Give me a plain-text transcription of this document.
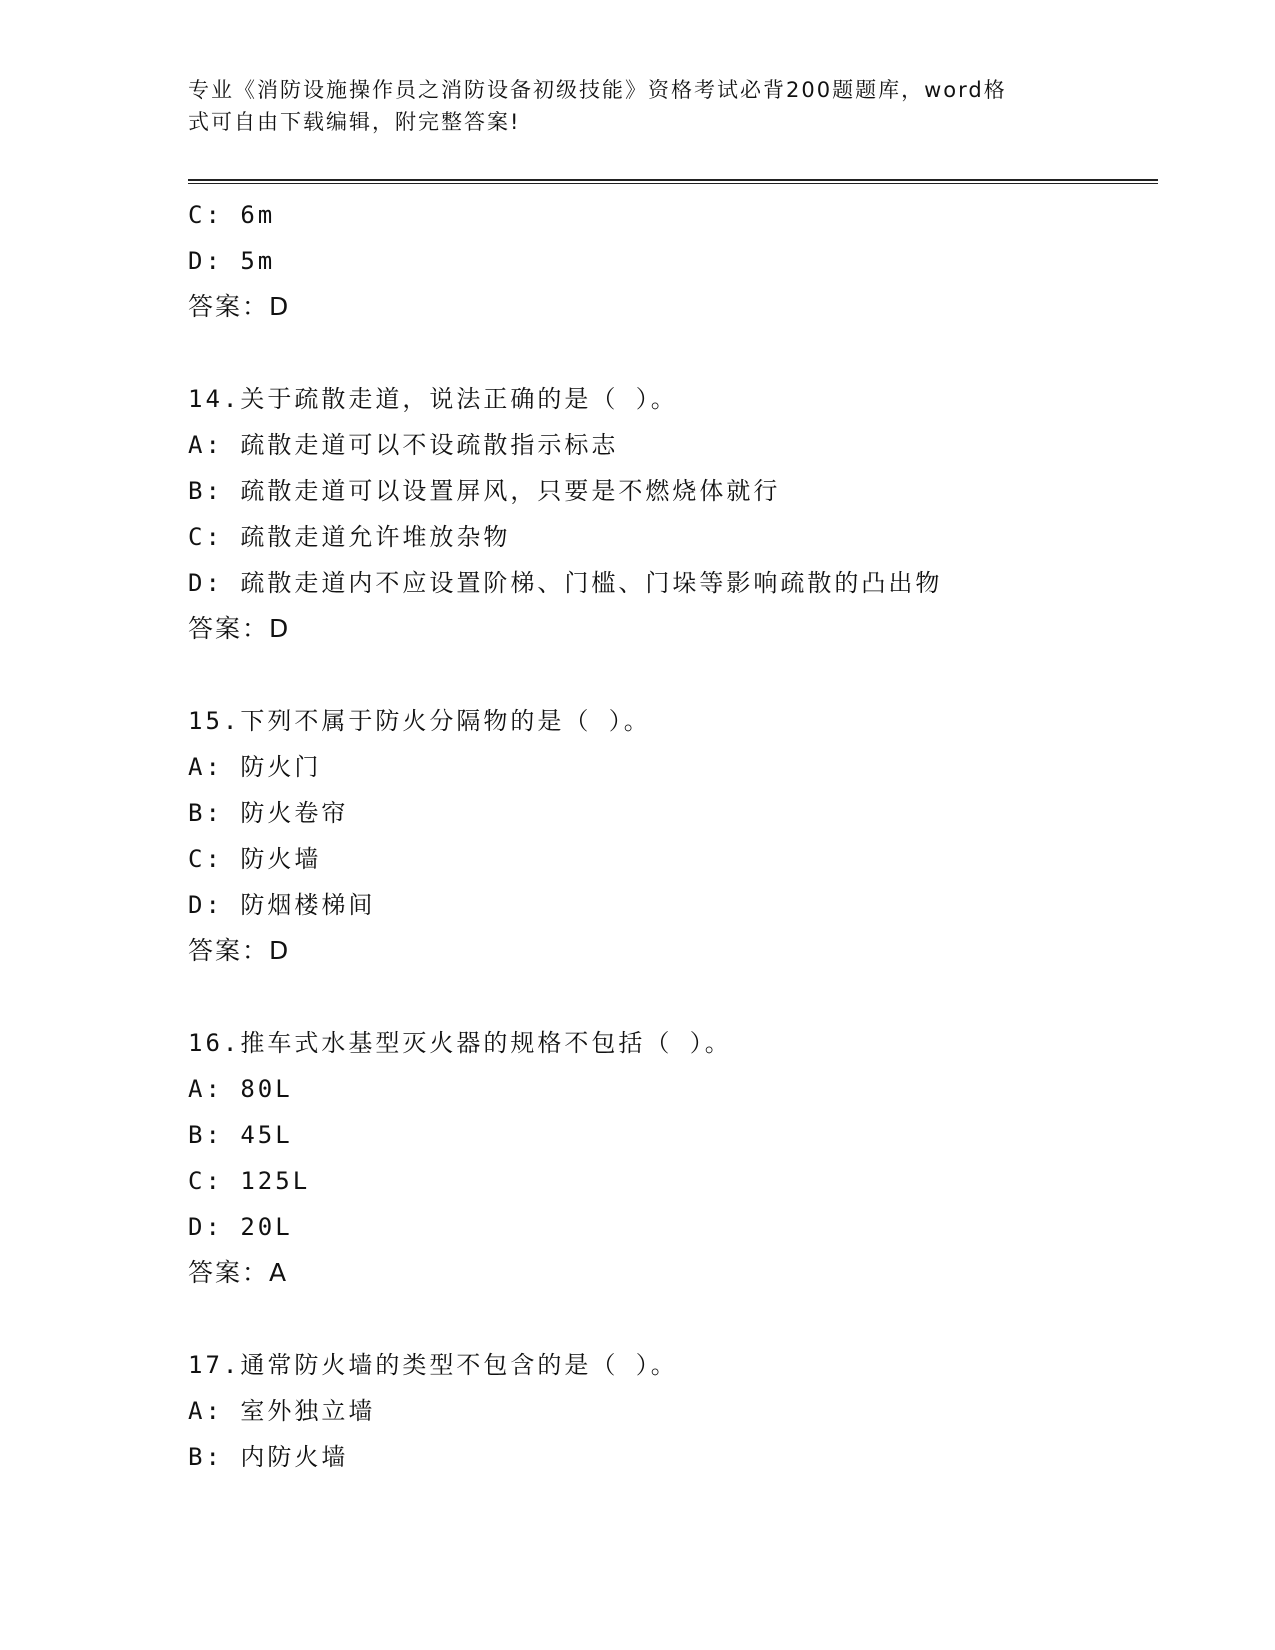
专业《消防设施操作员之消防设备初级技能》资格考试必背200题题库，word格
式可自由下载编辑，附完整答案!
C: 6m
D: 5m
答案：D
14.关于疏散走道，说法正确的是（ ）。
A: 疏散走道可以不设疏散指示标志
B: 疏散走道可以设置屏风，只要是不燃烧体就行
C: 疏散走道允许堆放杂物
D: 疏散走道内不应设置阶梯、门槛、门垛等影响疏散的凸出物
答案：D
15.下列不属于防火分隔物的是（ ）。
A: 防火门
B: 防火卷帘
C: 防火墙
D: 防烟楼梯间
答案：D
16.推车式水基型灭火器的规格不包括（ ）。
A: 80L
B: 45L
C: 125L
D: 20L
答案：A
17.通常防火墙的类型不包含的是（ ）。
A: 室外独立墙
B: 内防火墙
